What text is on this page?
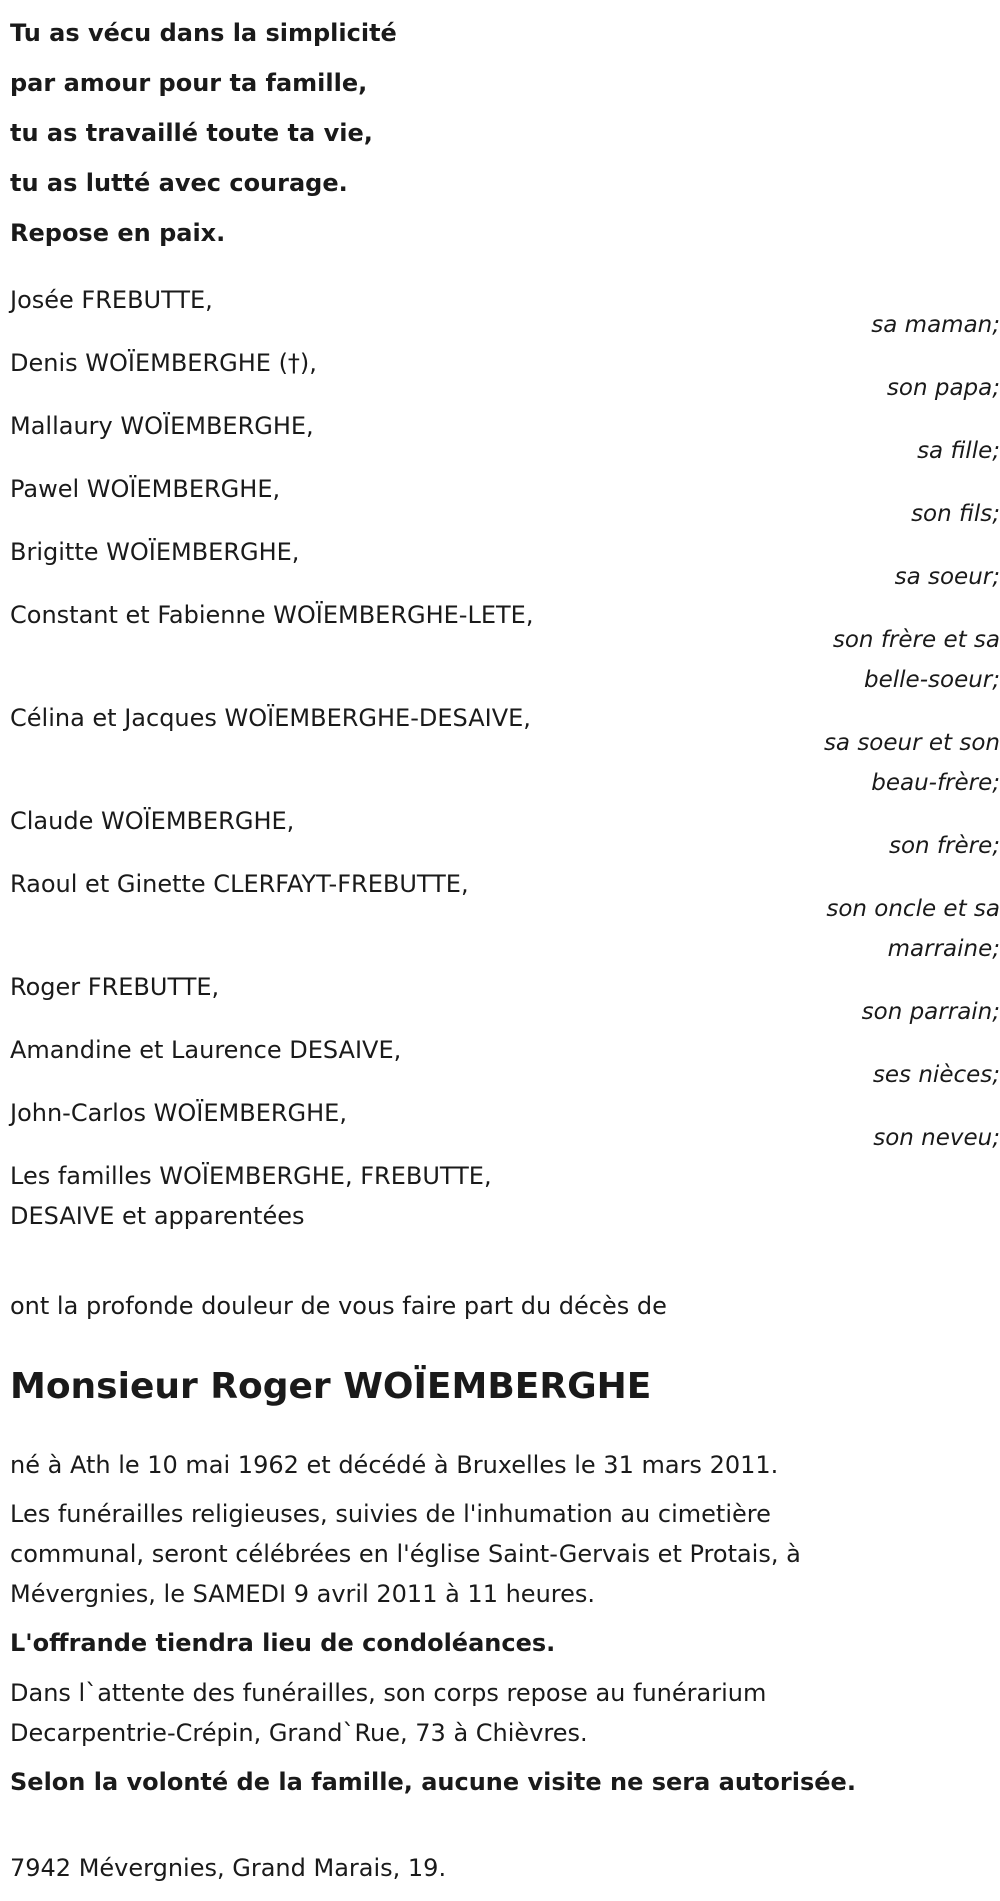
Tu as vécu dans la simplicité
par amour pour ta famille,
tu as travaillé toute ta vie,
tu as lutté avec courage.
Repose en paix.
Josée FREBUTTE,
sa maman;
Denis WOÏEMBERGHE (†),
son papa;
Mallaury WOÏEMBERGHE,
sa fille;
Pawel WOÏEMBERGHE,
son fils;
Brigitte WOÏEMBERGHE,
sa soeur;
Constant et Fabienne WOÏEMBERGHE-LETE,
son frère et sa
belle-soeur;
Célina et Jacques WOÏEMBERGHE-DESAIVE,
sa soeur et son
beau-frère;
Claude WOÏEMBERGHE,
son frère;
Raoul et Ginette CLERFAYT-FREBUTTE,
son oncle et sa
marraine;
Roger FREBUTTE,
son parrain;
Amandine et Laurence DESAIVE,
ses nièces;
John-Carlos WOÏEMBERGHE,
son neveu;
Les familles WOÏEMBERGHE, FREBUTTE,
DESAIVE et apparentées
ont la profonde douleur de vous faire part du décès de
Monsieur Roger WOÏEMBERGHE
né à Ath le 10 mai 1962 et décédé à Bruxelles le 31 mars 2011.
Les funérailles religieuses, suivies de l'inhumation au cimetière
communal, seront célébrées en l'église Saint-Gervais et Protais, à
Mévergnies, le SAMEDI 9 avril 2011 à 11 heures.
L'offrande tiendra lieu de condoléances.
Dans l`attente des funérailles, son corps repose au funérarium
Decarpentrie-Crépin, Grand`Rue, 73 à Chièvres.
Selon la volonté de la famille, aucune visite ne sera autorisée.
7942 Mévergnies, Grand Marais, 19.
